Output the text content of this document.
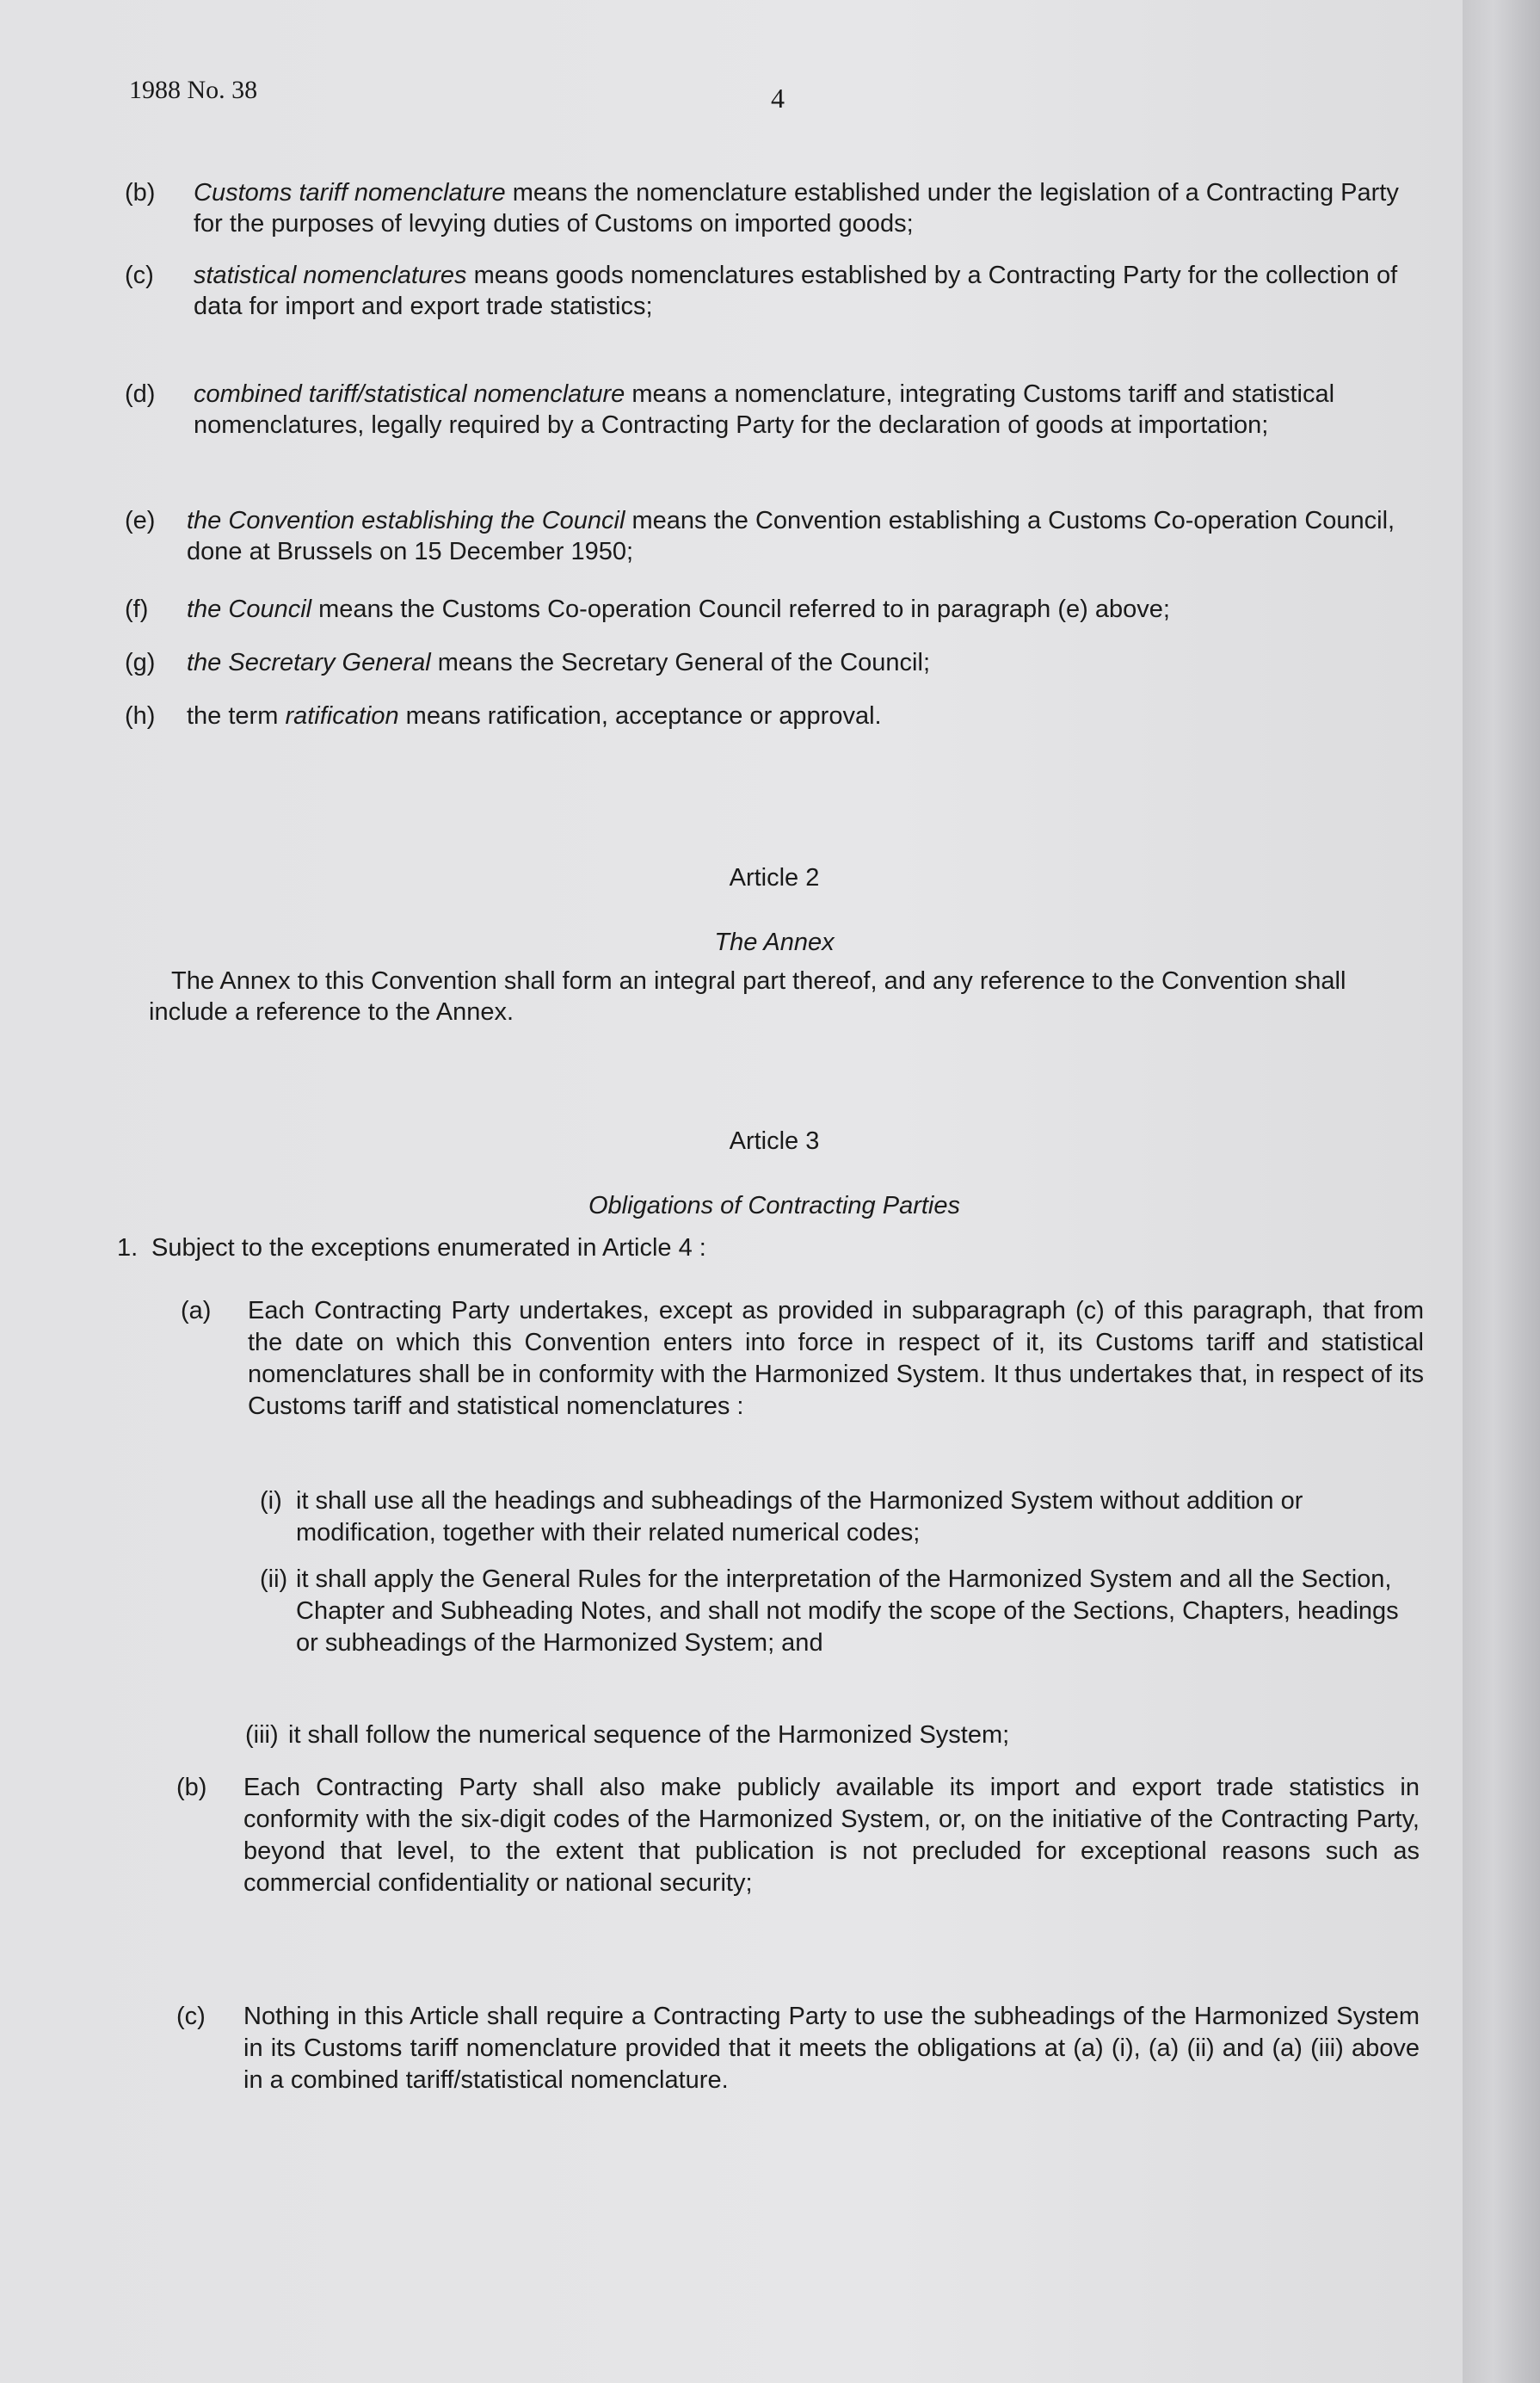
1988 No. 38	4
(b) Customs tariff nomenclature means the nomenclature established under the legislation of a Contracting Party for the purposes of levying duties of Customs on imported goods;
(c) statistical nomenclatures means goods nomenclatures established by a Contracting Party for the collection of data for import and export trade statistics;
(d) combined tariff/statistical nomenclature means a nomenclature, integrating Customs tariff and statistical nomenclatures, legally required by a Contracting Party for the declaration of goods at importation;
(e) the Convention establishing the Council means the Convention establishing a Customs Co-operation Council, done at Brussels on 15 December 1950;
(f) the Council means the Customs Co-operation Council referred to in paragraph (e) above;
(g) the Secretary General means the Secretary General of the Council;
(h) the term ratification means ratification, acceptance or approval.
Article 2
The Annex
The Annex to this Convention shall form an integral part thereof, and any reference to the Convention shall include a reference to the Annex.
Article 3
Obligations of Contracting Parties
1. Subject to the exceptions enumerated in Article 4 :
(a) Each Contracting Party undertakes, except as provided in subparagraph (c) of this paragraph, that from the date on which this Convention enters into force in respect of it, its Customs tariff and statistical nomenclatures shall be in conformity with the Harmonized System. It thus undertakes that, in respect of its Customs tariff and statistical nomenclatures :
(i) it shall use all the headings and subheadings of the Harmonized System without addition or modification, together with their related numerical codes;
(ii) it shall apply the General Rules for the interpretation of the Harmonized System and all the Section, Chapter and Subheading Notes, and shall not modify the scope of the Sections, Chapters, headings or subheadings of the Harmonized System; and
(iii) it shall follow the numerical sequence of the Harmonized System;
(b) Each Contracting Party shall also make publicly available its import and export trade statistics in conformity with the six-digit codes of the Harmonized System, or, on the initiative of the Contracting Party, beyond that level, to the extent that publication is not precluded for exceptional reasons such as commercial confidentiality or national security;
(c) Nothing in this Article shall require a Contracting Party to use the subheadings of the Harmonized System in its Customs tariff nomenclature provided that it meets the obligations at (a) (i), (a) (ii) and (a) (iii) above in a combined tariff/statistical nomenclature.
